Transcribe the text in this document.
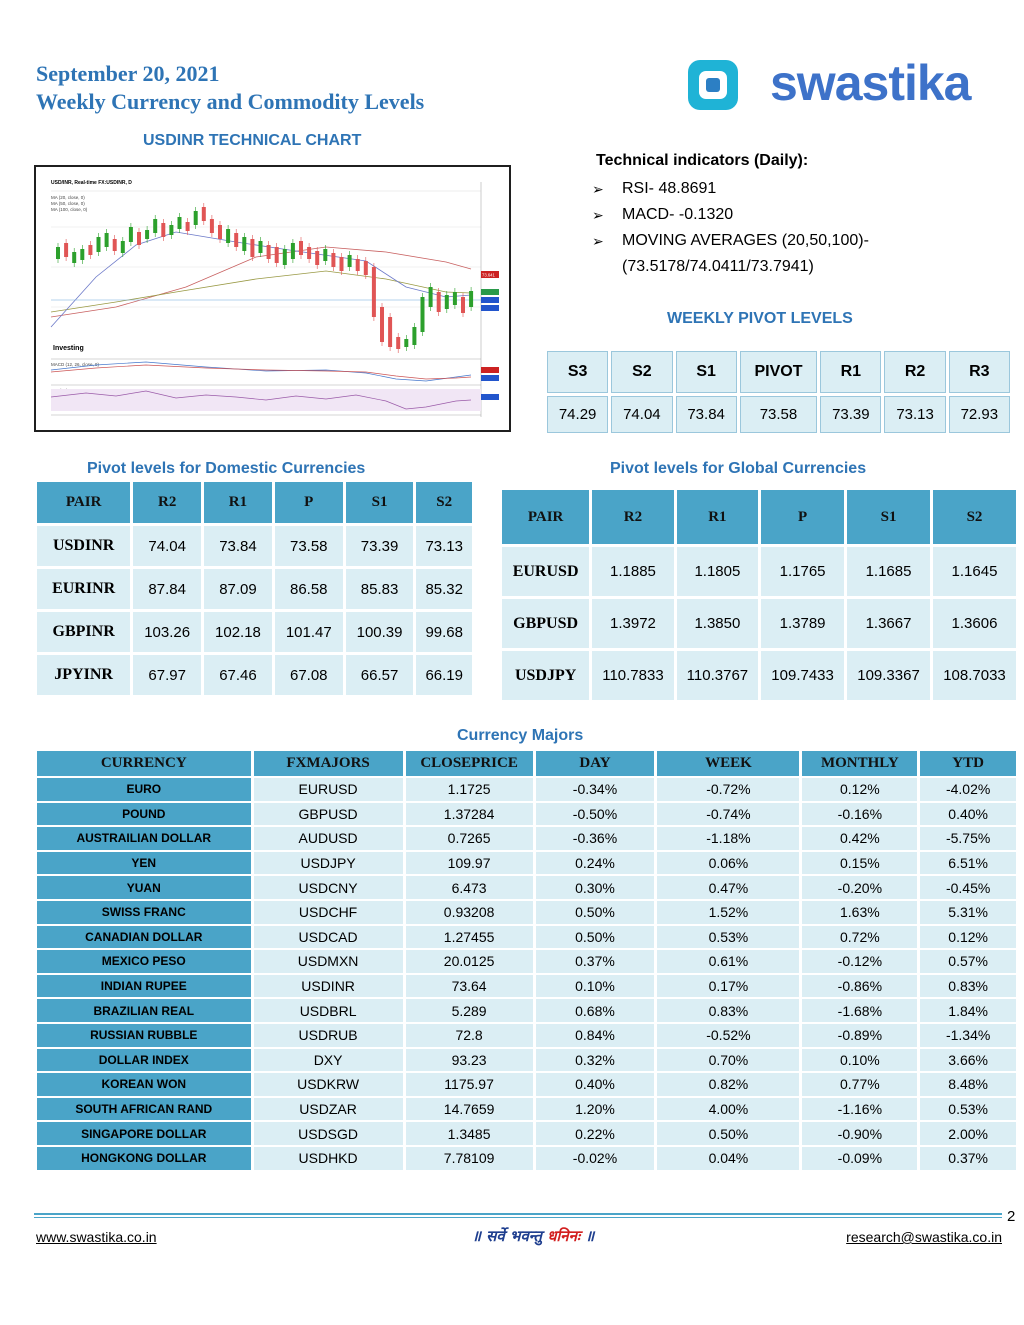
September 20, 2021
Weekly Currency and Commodity Levels	swastika
USDINR TECHNICAL CHART
USD/INR, Real-time FX:USDINR, D
MA (20, close, 0)
MA (50, close, 0)
MA (100, close, 0)
Investing
MACD (12, 26, close, 9)
73.641
Technical indicators (Daily):
➢ RSI- 48.8691
➢ MACD- -0.1320
➢ MOVING AVERAGES (20,50,100)-
(73.5178/74.0411/73.7941)
WEEKLY PIVOT LEVELS
S3	S2	S1	PIVOT	R1	R2	R3
74.29	74.04	73.84	73.58	73.39	73.13	72.93
Pivot levels for Domestic Currencies
PAIR	R2	R1	P	S1	S2
USDINR	74.04	73.84	73.58	73.39	73.13
EURINR	87.84	87.09	86.58	85.83	85.32
GBPINR	103.26	102.18	101.47	100.39	99.68
JPYINR	67.97	67.46	67.08	66.57	66.19
Pivot levels for Global Currencies
PAIR	R2	R1	P	S1	S2
EURUSD	1.1885	1.1805	1.1765	1.1685	1.1645
GBPUSD	1.3972	1.3850	1.3789	1.3667	1.3606
USDJPY	110.7833	110.3767	109.7433	109.3367	108.7033
Currency Majors
CURRENCY	FXMAJORS	CLOSEPRICE	DAY	WEEK	MONTHLY	YTD
EURO	EURUSD	1.1725	-0.34%	-0.72%	0.12%	-4.02%
POUND	GBPUSD	1.37284	-0.50%	-0.74%	-0.16%	0.40%
AUSTRAILIAN DOLLAR	AUDUSD	0.7265	-0.36%	-1.18%	0.42%	-5.75%
YEN	USDJPY	109.97	0.24%	0.06%	0.15%	6.51%
YUAN	USDCNY	6.473	0.30%	0.47%	-0.20%	-0.45%
SWISS FRANC	USDCHF	0.93208	0.50%	1.52%	1.63%	5.31%
CANADIAN DOLLAR	USDCAD	1.27455	0.50%	0.53%	0.72%	0.12%
MEXICO PESO	USDMXN	20.0125	0.37%	0.61%	-0.12%	0.57%
INDIAN RUPEE	USDINR	73.64	0.10%	0.17%	-0.86%	0.83%
BRAZILIAN REAL	USDBRL	5.289	0.68%	0.83%	-1.68%	1.84%
RUSSIAN RUBBLE	USDRUB	72.8	0.84%	-0.52%	-0.89%	-1.34%
DOLLAR INDEX	DXY	93.23	0.32%	0.70%	0.10%	3.66%
KOREAN WON	USDKRW	1175.97	0.40%	0.82%	0.77%	8.48%
SOUTH AFRICAN RAND	USDZAR	14.7659	1.20%	4.00%	-1.16%	0.53%
SINGAPORE DOLLAR	USDSGD	1.3485	0.22%	0.50%	-0.90%	2.00%
HONGKONG DOLLAR	USDHKD	7.78109	-0.02%	0.04%	-0.09%	0.37%
2
www.swastika.co.in	॥ सर्वे भवन्तु धनिनः ॥	research@swastika.co.in
